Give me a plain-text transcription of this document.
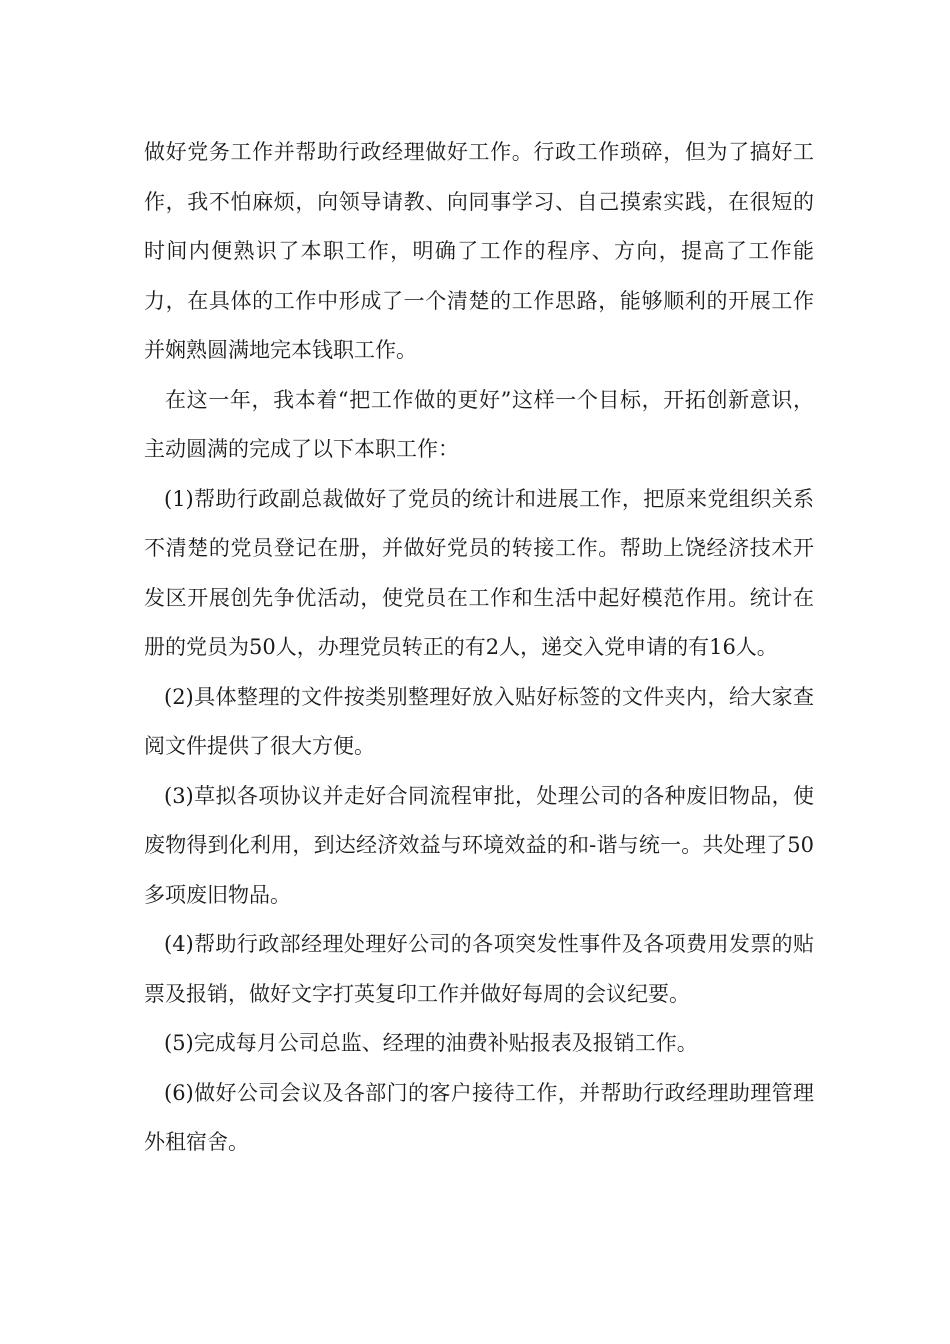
做好党务工作并帮助行政经理做好工作。行政工作琐碎，但为了搞好工作，我不怕麻烦，向领导请教、向同事学习、自己摸索实践，在很短的时间内便熟识了本职工作，明确了工作的程序、方向，提高了工作能力，在具体的工作中形成了一个清楚的工作思路，能够顺利的开展工作并娴熟圆满地完本钱职工作。

在这一年，我本着“把工作做的更好”这样一个目标，开拓创新意识，主动圆满的完成了以下本职工作：

(1)帮助行政副总裁做好了党员的统计和进展工作，把原来党组织关系不清楚的党员登记在册，并做好党员的转接工作。帮助上饶经济技术开发区开展创先争优活动，使党员在工作和生活中起好模范作用。统计在册的党员为50人，办理党员转正的有2人，递交入党申请的有16人。

(2)具体整理的文件按类别整理好放入贴好标签的文件夹内，给大家查阅文件提供了很大方便。

(3)草拟各项协议并走好合同流程审批，处理公司的各种废旧物品，使废物得到化利用，到达经济效益与环境效益的和-谐与统一。共处理了50多项废旧物品。

(4)帮助行政部经理处理好公司的各项突发性事件及各项费用发票的贴票及报销，做好文字打英复印工作并做好每周的会议纪要。

(5)完成每月公司总监、经理的油费补贴报表及报销工作。

(6)做好公司会议及各部门的客户接待工作，并帮助行政经理助理管理外租宿舍。
